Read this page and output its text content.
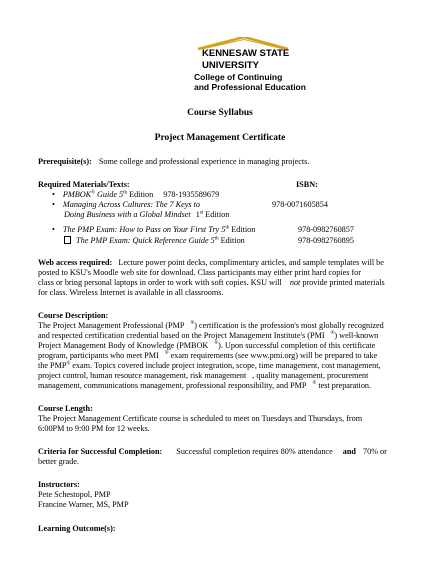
KENNESAW STATE UNIVERSITY
College of Continuing
and Professional Education
Course Syllabus
Project Management Certificate
Prerequisite(s): Some college and professional experience in managing projects.
Required Materials/Texts:	ISBN:
• PMBOK® Guide 5th Edition 978-1935589679
• Managing Across Cultures: The 7 Keys to	978-0071605854
Doing Business with a Global Mindset 1st Edition
• The PMP Exam: How to Pass on Your First Try 5th Edition	978-0982760857
The PMP Exam: Quick Reference Guide 5th Edition	978-0982760895
Web access required: Lecture power point decks, complimentary articles, and sample templates will be
posted to KSU's Moodle web site for download. Class participants may either print hard copies for
class or bring personal laptops in order to work with soft copies. KSU will not provide printed materials
for class. Wireless Internet is available in all classrooms.
Course Description:
The Project Management Professional (PMP ®) certification is the profession's most globally recognized
and respected certification credential based on the Project Management Institute's (PMI ®) well-known
Project Management Body of Knowledge (PMBOK ®). Upon successful completion of this certificate
program, participants who meet PMI ® exam requirements (see www.pmi.org) will be prepared to take
the PMP® exam. Topics covered include project integration, scope, time management, cost management,
project control, human resource management, risk management , quality management, procurement
management, communications management, professional responsibility, and PMP ® test preparation.
Course Length:
The Project Management Certificate course is scheduled to meet on Tuesdays and Thursdays, from
6:00PM to 9:00 PM for 12 weeks.
Criteria for Successful Completion: Successful completion requires 80% attendance and 70% or
better grade.
Instructors:
Pete Schestopol, PMP
Francine Warner, MS, PMP
Learning Outcome(s):
